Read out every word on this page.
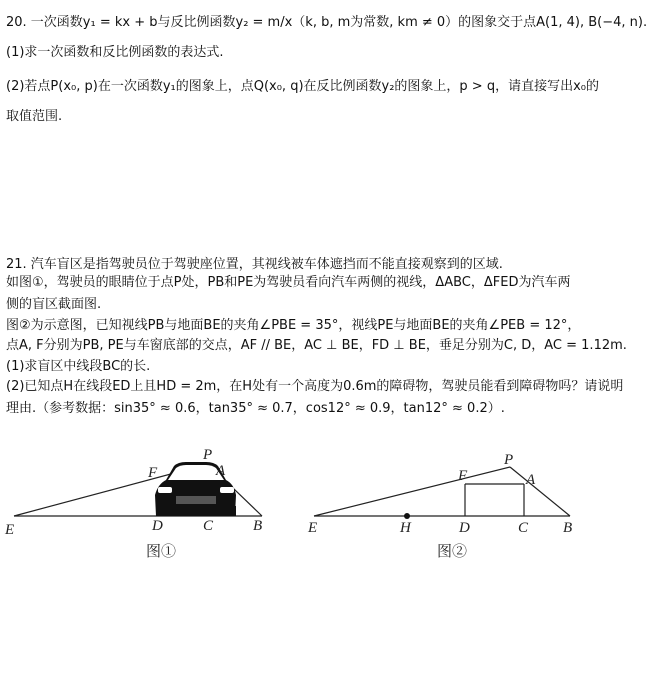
20. 一次函数y₁ = kx + b与反比例函数y₂ = m/x（k, b, m为常数, km ≠ 0）的图象交于点A(1, 4), B(−4, n).
(1)求一次函数和反比例函数的表达式.
(2)若点P(x₀, p)在一次函数y₁的图象上，点Q(x₀, q)在反比例函数y₂的图象上，p > q，请直接写出x₀的
取值范围.
21. 汽车盲区是指驾驶员位于驾驶座位置，其视线被车体遮挡而不能直接观察到的区域.
如图①，驾驶员的眼睛位于点P处，PB和PE为驾驶员看向汽车两侧的视线，ΔABC，ΔFED为汽车两
侧的盲区截面图.
图②为示意图，已知视线PB与地面BE的夹角∠PBE = 35°，视线PE与地面BE的夹角∠PEB = 12°，
点A, F分别为PB, PE与车窗底部的交点，AF // BE，AC ⊥ BE，FD ⊥ BE，垂足分别为C, D，AC = 1.12m.
(1)求盲区中线段BC的长.
(2)已知点H在线段ED上且HD = 2m，在H处有一个高度为0.6m的障碍物，驾驶员能看到障碍物吗？请说明
理由.（参考数据：sin35° ≈ 0.6，tan35° ≈ 0.7，cos12° ≈ 0.9，tan12° ≈ 0.2）.
P
F	A
E	D	C	B
图①
P
F	A
E	H	D	C B
图②
